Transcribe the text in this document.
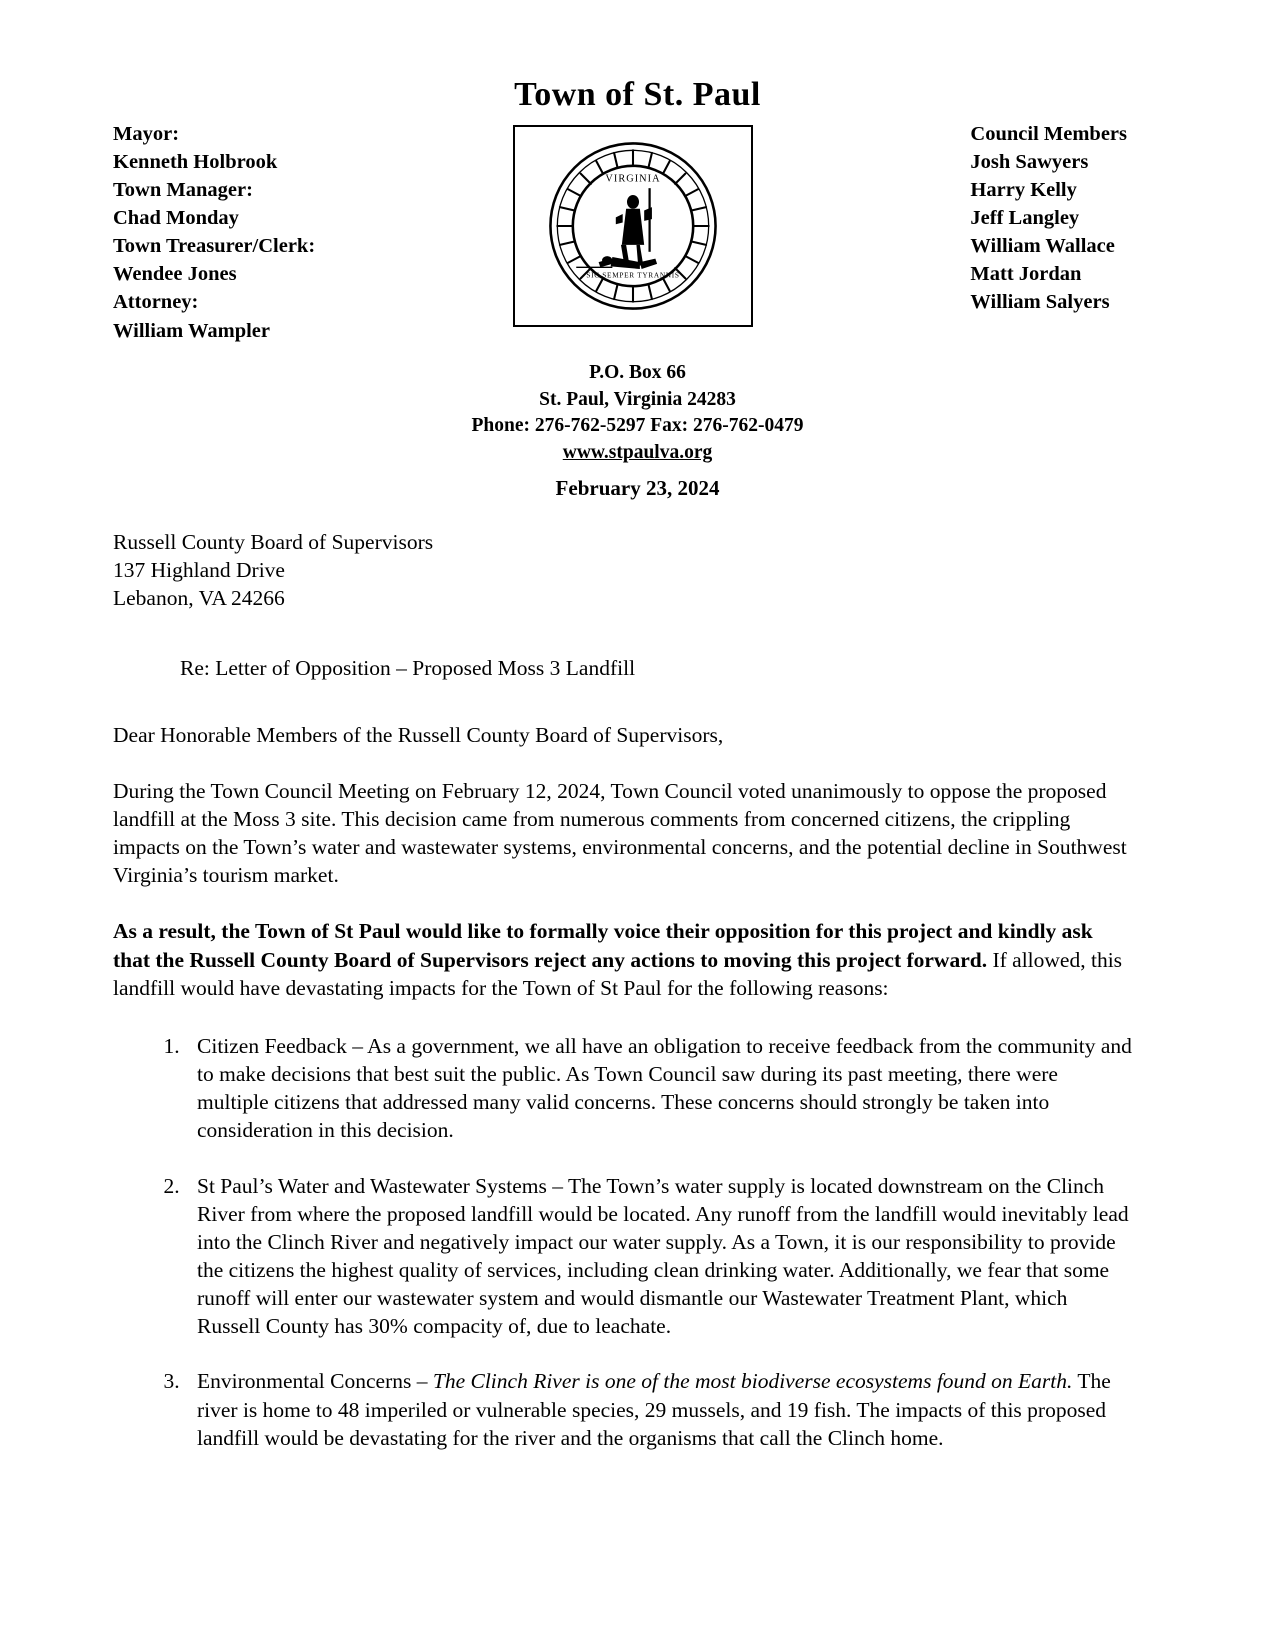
Town of St. Paul
Mayor:
Kenneth Holbrook
Town Manager:
Chad Monday
Town Treasurer/Clerk:
Wendee Jones
Attorney:
William Wampler
VIRGINIA
SIC SEMPER TYRANNIS
Council Members
Josh Sawyers
Harry Kelly
Jeff Langley
William Wallace
Matt Jordan
William Salyers
P.O. Box 66
St. Paul, Virginia 24283
Phone: 276-762-5297 Fax: 276-762-0479
www.stpaulva.org
February 23, 2024
Russell County Board of Supervisors
137 Highland Drive
Lebanon, VA 24266
Re: Letter of Opposition – Proposed Moss 3 Landfill
Dear Honorable Members of the Russell County Board of Supervisors,

During the Town Council Meeting on February 12, 2024, Town Council voted unanimously to oppose the proposed landfill at the Moss 3 site. This decision came from numerous comments from concerned citizens, the crippling impacts on the Town’s water and wastewater systems, environmental concerns, and the potential decline in Southwest Virginia’s tourism market.

As a result, the Town of St Paul would like to formally voice their opposition for this project and kindly ask that the Russell County Board of Supervisors reject any actions to moving this project forward. If allowed, this landfill would have devastating impacts for the Town of St Paul for the following reasons:

1. Citizen Feedback – As a government, we all have an obligation to receive feedback from the community and to make decisions that best suit the public. As Town Council saw during its past meeting, there were multiple citizens that addressed many valid concerns. These concerns should strongly be taken into consideration in this decision.
2. St Paul’s Water and Wastewater Systems – The Town’s water supply is located downstream on the Clinch River from where the proposed landfill would be located. Any runoff from the landfill would inevitably lead into the Clinch River and negatively impact our water supply. As a Town, it is our responsibility to provide the citizens the highest quality of services, including clean drinking water. Additionally, we fear that some runoff will enter our wastewater system and would dismantle our Wastewater Treatment Plant, which Russell County has 30% compacity of, due to leachate.
3. Environmental Concerns – The Clinch River is one of the most biodiverse ecosystems found on Earth. The river is home to 48 imperiled or vulnerable species, 29 mussels, and 19 fish. The impacts of this proposed landfill would be devastating for the river and the organisms that call the Clinch home.
